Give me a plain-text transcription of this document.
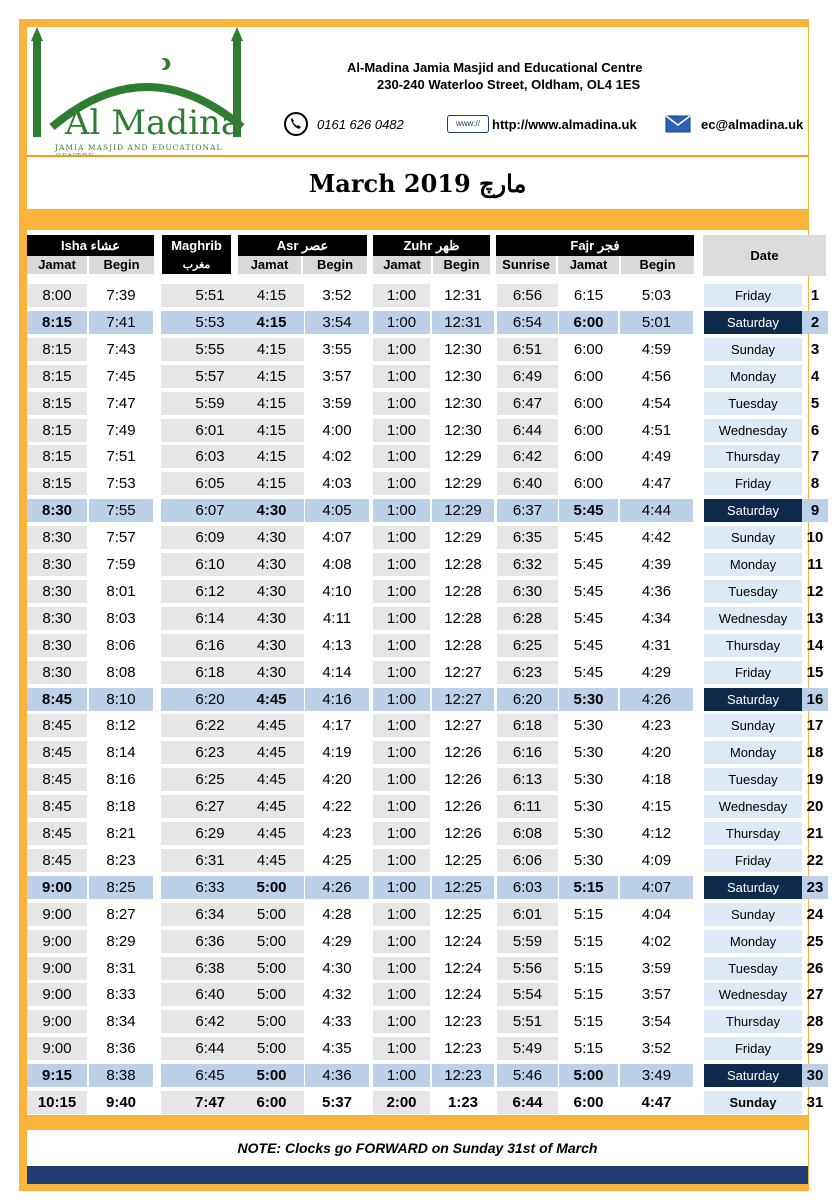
Al Madina
JAMIA MASJID AND EDUCATIONAL
Al-Madina Jamia Masjid and Educational Centre
230-240 Waterloo Street, Oldham, OL4 1ES
0161 626 0482	www:// http://www.almadina.uk	ec@almadina.uk
March 2019 مارچ
Isha عشاء	Maghrib	Asr عصر	Zuhr ظهر	Fajr فجر
Date
Jamat	Begin	مغرب	Jamat	Begin	Jamat	Begin	Sunrise	Jamat	Begin
8:00	7:39	5:51	4:15	3:52	1:00	12:31	6:56	6:15	5:03	Friday	1
8:15	7:41	5:53	4:15	3:54	1:00	12:31	6:54	6:00	5:01	Saturday	2
8:15	7:43	5:55	4:15	3:55	1:00	12:30	6:51	6:00	4:59	Sunday	3
8:15	7:45	5:57	4:15	3:57	1:00	12:30	6:49	6:00	4:56	Monday	4
8:15	7:47	5:59	4:15	3:59	1:00	12:30	6:47	6:00	4:54	Tuesday	5
8:15	7:49	6:01	4:15	4:00	1:00	12:30	6:44	6:00	4:51	Wednesday	6
8:15	7:51	6:03	4:15	4:02	1:00	12:29	6:42	6:00	4:49	Thursday	7
8:15	7:53	6:05	4:15	4:03	1:00	12:29	6:40	6:00	4:47	Friday	8
8:30	7:55	6:07	4:30	4:05	1:00	12:29	6:37	5:45	4:44	Saturday	9
8:30	7:57	6:09	4:30	4:07	1:00	12:29	6:35	5:45	4:42	Sunday	10
8:30	7:59	6:10	4:30	4:08	1:00	12:28	6:32	5:45	4:39	Monday	11
8:30	8:01	6:12	4:30	4:10	1:00	12:28	6:30	5:45	4:36	Tuesday	12
8:30	8:03	6:14	4:30	4:11	1:00	12:28	6:28	5:45	4:34	Wednesday	13
8:30	8:06	6:16	4:30	4:13	1:00	12:28	6:25	5:45	4:31	Thursday	14
8:30	8:08	6:18	4:30	4:14	1:00	12:27	6:23	5:45	4:29	Friday	15
8:45	8:10	6:20	4:45	4:16	1:00	12:27	6:20	5:30	4:26	Saturday	16
8:45	8:12	6:22	4:45	4:17	1:00	12:27	6:18	5:30	4:23	Sunday	17
8:45	8:14	6:23	4:45	4:19	1:00	12:26	6:16	5:30	4:20	Monday	18
8:45	8:16	6:25	4:45	4:20	1:00	12:26	6:13	5:30	4:18	Tuesday	19
8:45	8:18	6:27	4:45	4:22	1:00	12:26	6:11	5:30	4:15	Wednesday	20
8:45	8:21	6:29	4:45	4:23	1:00	12:26	6:08	5:30	4:12	Thursday	21
8:45	8:23	6:31	4:45	4:25	1:00	12:25	6:06	5:30	4:09	Friday	22
9:00	8:25	6:33	5:00	4:26	1:00	12:25	6:03	5:15	4:07	Saturday	23
9:00	8:27	6:34	5:00	4:28	1:00	12:25	6:01	5:15	4:04	Sunday	24
9:00	8:29	6:36	5:00	4:29	1:00	12:24	5:59	5:15	4:02	Monday	25
9:00	8:31	6:38	5:00	4:30	1:00	12:24	5:56	5:15	3:59	Tuesday	26
9:00	8:33	6:40	5:00	4:32	1:00	12:24	5:54	5:15	3:57	Wednesday	27
9:00	8:34	6:42	5:00	4:33	1:00	12:23	5:51	5:15	3:54	Thursday	28
9:00	8:36	6:44	5:00	4:35	1:00	12:23	5:49	5:15	3:52	Friday	29
9:15	8:38	6:45	5:00	4:36	1:00	12:23	5:46	5:00	3:49	Saturday	30
10:15	9:40	7:47	6:00	5:37	2:00	1:23	6:44	6:00	4:47	Sunday	31
NOTE: Clocks go FORWARD on Sunday 31st of March
